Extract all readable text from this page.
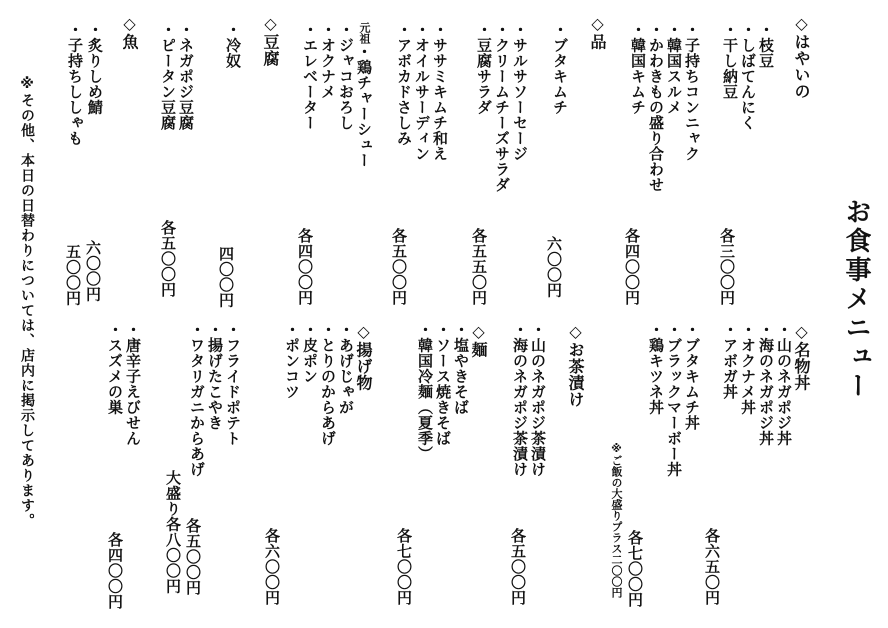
お食事メニュー
◇名物丼
・山のネガポジ丼
・海のネガポジ丼
・オクナメ丼
・アボガ丼
各六五〇円
・ブタキムチ丼
・ブラックマーボー丼
・鶏キツネ丼
※ご飯の大盛りプラス二〇〇円 各七〇〇円
◇お茶漬け
・山のネガポジ茶漬け
・海のネガポジ茶漬け
各五〇〇円
◇麺
・塩やきそば
・ソース焼きそば
・韓国冷麺（夏季）
各七〇〇円
◇揚げ物
・あげじゃが
・とりのからあげ
・皮ポン
・ポンコツ
各六〇〇円
・フライドポテト
・揚げたこやき
・ワタリガニからあげ
各五〇〇円
大盛り各八〇〇円
・唐辛子えびせん
・スズメの巣
各四〇〇円
◇はやいの
・枝豆
・しばてんにく
・干し納豆
各三〇〇円
・子持ちコンニャク
・韓国スルメ
・かわきもの盛り合わせ
・韓国キムチ
各四〇〇円
◇品
・ブタキムチ
六〇〇円
・サルサソーセージ
・クリームチーズサラダ
・豆腐サラダ
各五五〇円
・ササミキムチ和え
・オイルサーディン
・アボカドさしみ
各五〇〇円
元祖・鶏チャーシュー
・ジャコおろし
・オクナメ
・エレベーター
各四〇〇円
◇豆腐
・冷奴
四〇〇円
・ネガポジ豆腐
・ピータン豆腐
各五〇〇円
◇魚
・炙りしめ鯖
・子持ちししゃも
六〇〇円
五〇〇円
※その他、本日の日替わりについては、店内に掲示してあります。
